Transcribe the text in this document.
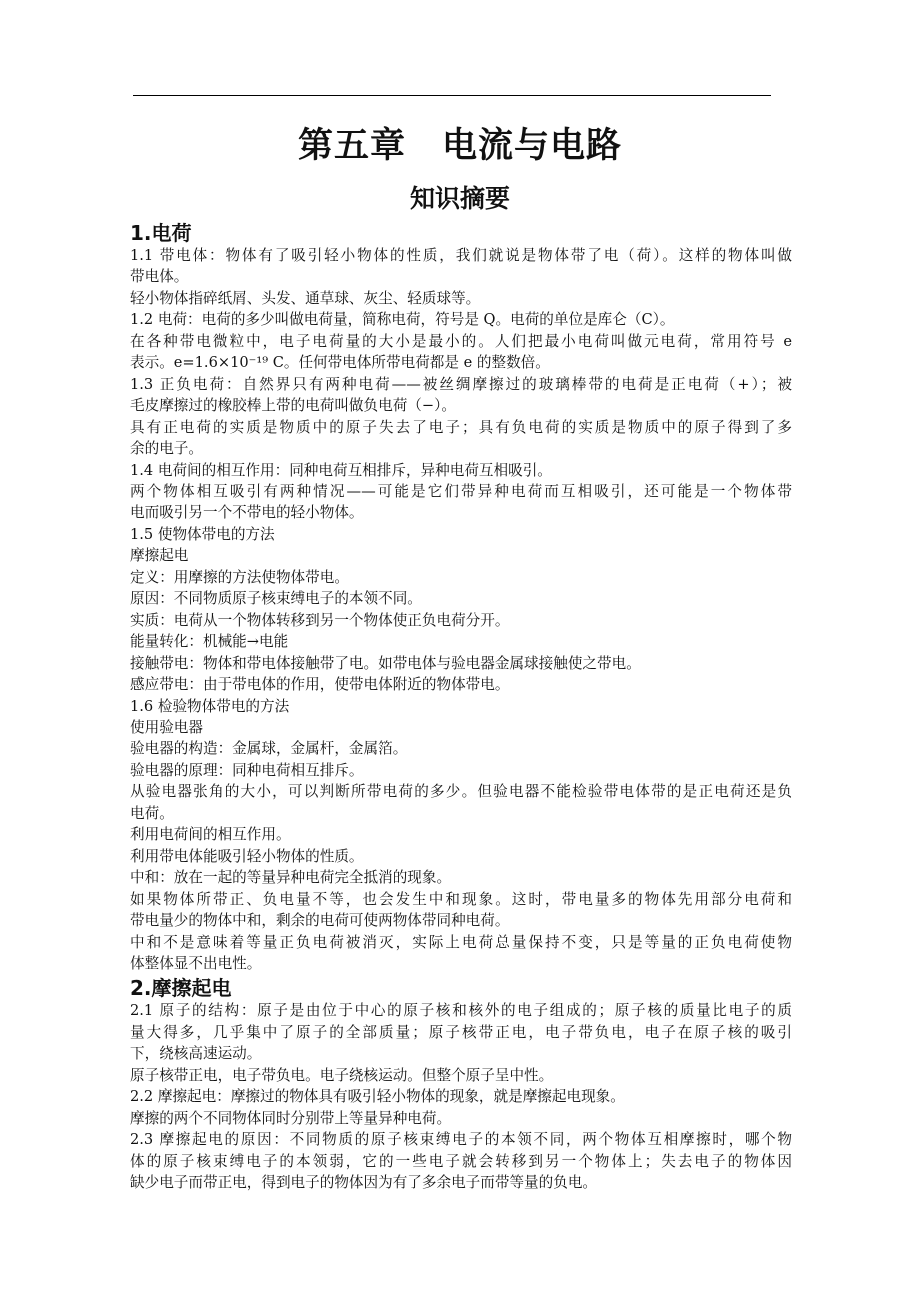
第五章　电流与电路
知识摘要
1.电荷
1.1 带电体：物体有了吸引轻小物体的性质，我们就说是物体带了电（荷）。这样的物体叫做
带电体。
轻小物体指碎纸屑、头发、通草球、灰尘、轻质球等。
1.2 电荷：电荷的多少叫做电荷量，简称电荷，符号是 Q。电荷的单位是库仑（C）。
在各种带电微粒中，电子电荷量的大小是最小的。人们把最小电荷叫做元电荷，常用符号 e
表示。e=1.6×10⁻¹⁹ C。任何带电体所带电荷都是 e 的整数倍。
1.3 正负电荷：自然界只有两种电荷——被丝绸摩擦过的玻璃棒带的电荷是正电荷（+）；被
毛皮摩擦过的橡胶棒上带的电荷叫做负电荷（−）。
具有正电荷的实质是物质中的原子失去了电子；具有负电荷的实质是物质中的原子得到了多
余的电子。
1.4 电荷间的相互作用：同种电荷互相排斥，异种电荷互相吸引。
两个物体相互吸引有两种情况——可能是它们带异种电荷而互相吸引，还可能是一个物体带
电而吸引另一个不带电的轻小物体。
1.5 使物体带电的方法
摩擦起电
定义：用摩擦的方法使物体带电。
原因：不同物质原子核束缚电子的本领不同。
实质：电荷从一个物体转移到另一个物体使正负电荷分开。
能量转化：机械能→电能
接触带电：物体和带电体接触带了电。如带电体与验电器金属球接触使之带电。
感应带电：由于带电体的作用，使带电体附近的物体带电。
1.6 检验物体带电的方法
使用验电器
验电器的构造：金属球，金属杆，金属箔。
验电器的原理：同种电荷相互排斥。
从验电器张角的大小，可以判断所带电荷的多少。但验电器不能检验带电体带的是正电荷还是负
电荷。
利用电荷间的相互作用。
利用带电体能吸引轻小物体的性质。
中和：放在一起的等量异种电荷完全抵消的现象。
如果物体所带正、负电量不等，也会发生中和现象。这时，带电量多的物体先用部分电荷和
带电量少的物体中和，剩余的电荷可使两物体带同种电荷。
中和不是意味着等量正负电荷被消灭，实际上电荷总量保持不变，只是等量的正负电荷使物
体整体显不出电性。
2.摩擦起电
2.1 原子的结构：原子是由位于中心的原子核和核外的电子组成的；原子核的质量比电子的质
量大得多，几乎集中了原子的全部质量；原子核带正电，电子带负电，电子在原子核的吸引
下，绕核高速运动。
原子核带正电，电子带负电。电子绕核运动。但整个原子呈中性。
2.2 摩擦起电：摩擦过的物体具有吸引轻小物体的现象，就是摩擦起电现象。
摩擦的两个不同物体同时分别带上等量异种电荷。
2.3 摩擦起电的原因：不同物质的原子核束缚电子的本领不同，两个物体互相摩擦时，哪个物
体的原子核束缚电子的本领弱，它的一些电子就会转移到另一个物体上；失去电子的物体因
缺少电子而带正电，得到电子的物体因为有了多余电子而带等量的负电。
